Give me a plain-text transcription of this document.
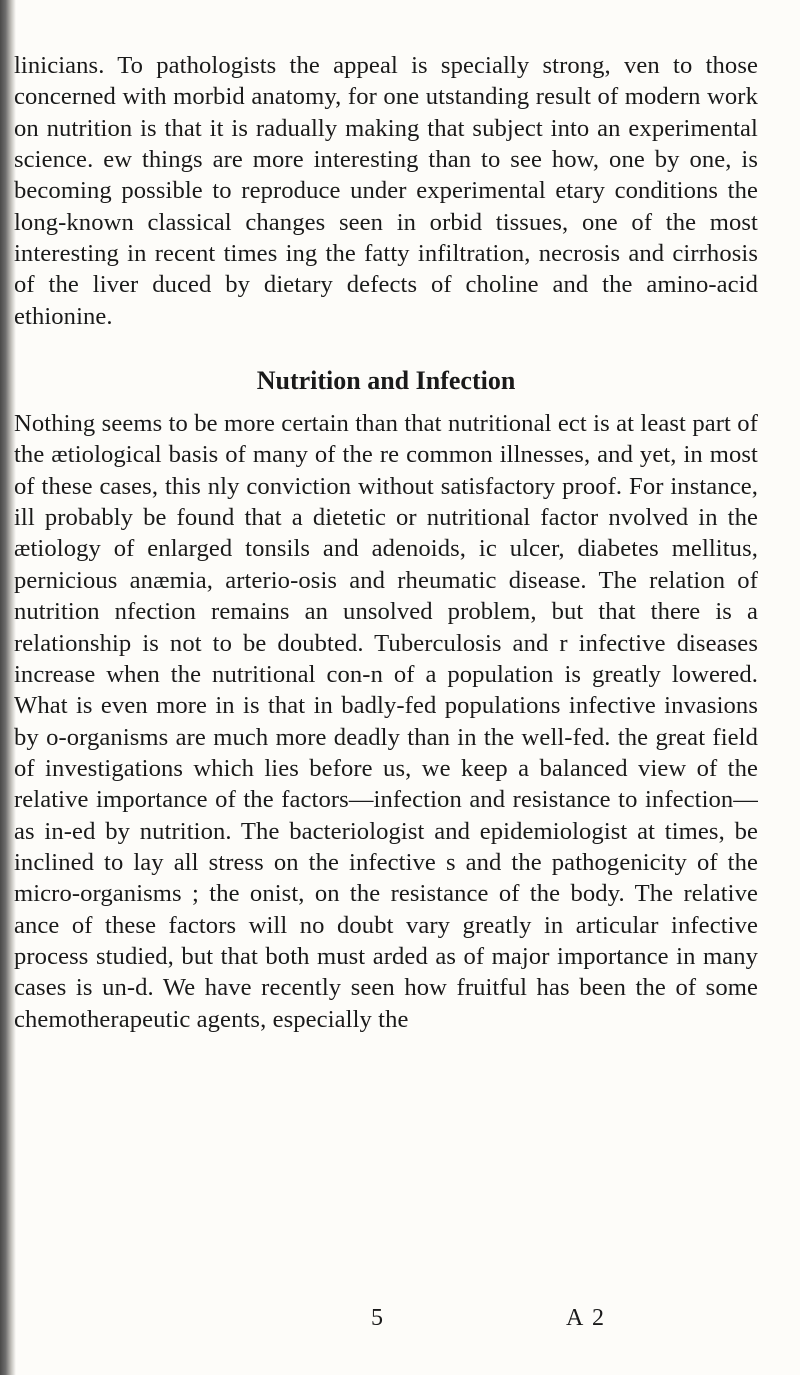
linicians. To pathologists the appeal is specially strong, ven to those concerned with morbid anatomy, for one utstanding result of modern work on nutrition is that it is radually making that subject into an experimental science. ew things are more interesting than to see how, one by one, is becoming possible to reproduce under experimental etary conditions the long-known classical changes seen in orbid tissues, one of the most interesting in recent times ing the fatty infiltration, necrosis and cirrhosis of the liver duced by dietary defects of choline and the amino-acid ethionine.

Nutrition and Infection

Nothing seems to be more certain than that nutritional ect is at least part of the ætiological basis of many of the re common illnesses, and yet, in most of these cases, this nly conviction without satisfactory proof. For instance, ill probably be found that a dietetic or nutritional factor nvolved in the ætiology of enlarged tonsils and adenoids, ic ulcer, diabetes mellitus, pernicious anæmia, arterio-osis and rheumatic disease. The relation of nutrition nfection remains an unsolved problem, but that there is a relationship is not to be doubted. Tuberculosis and r infective diseases increase when the nutritional con-n of a population is greatly lowered. What is even more in is that in badly-fed populations infective invasions by o-organisms are much more deadly than in the well-fed. the great field of investigations which lies before us, we keep a balanced view of the relative importance of the factors—infection and resistance to infection—as in-ed by nutrition. The bacteriologist and epidemiologist at times, be inclined to lay all stress on the infective s and the pathogenicity of the micro-organisms ; the onist, on the resistance of the body. The relative ance of these factors will no doubt vary greatly in articular infective process studied, but that both must arded as of major importance in many cases is un-d. We have recently seen how fruitful has been the of some chemotherapeutic agents, especially the

5	A 2
